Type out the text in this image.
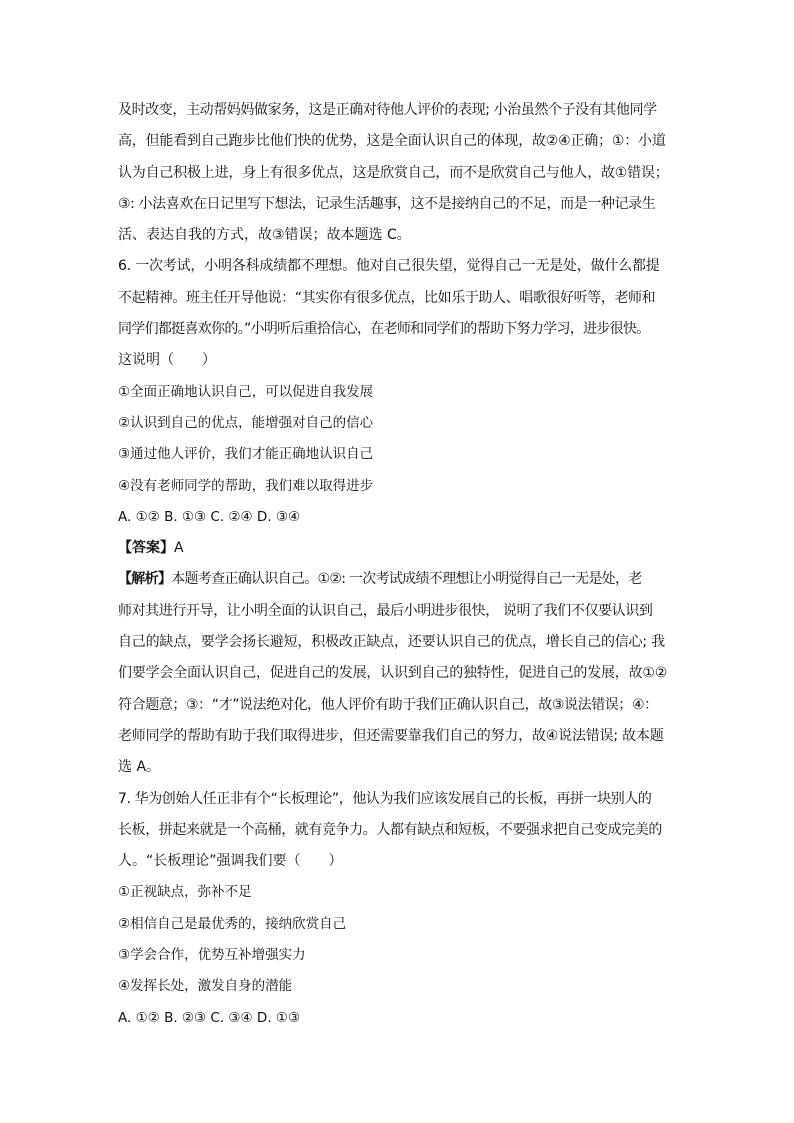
及时改变，主动帮妈妈做家务，这是正确对待他人评价的表现; 小治虽然个子没有其他同学
高，但能看到自己跑步比他们快的优势，这是全面认识自己的体现，故②④正确；①：小道
认为自己积极上进，身上有很多优点，这是欣赏自己，而不是欣赏自己与他人，故①错误；
③: 小法喜欢在日记里写下想法，记录生活趣事，这不是接纳自己的不足，而是一种记录生
活、表达自我的方式，故③错误；故本题选 C。
6. 一次考试，小明各科成绩都不理想。他对自己很失望，觉得自己一无是处，做什么都提
不起精神。班主任开导他说：“其实你有很多优点，比如乐于助人、唱歌很好听等，老师和
同学们都挺喜欢你的。”小明听后重拾信心，在老师和同学们的帮助下努力学习，进步很快。
这说明（　　）
①全面正确地认识自己，可以促进自我发展
②认识到自己的优点，能增强对自己的信心
③通过他人评价，我们才能正确地认识自己
④没有老师同学的帮助，我们难以取得进步
A. ①② B. ①③ C. ②④ D. ③④
【答案】A
【解析】本题考查正确认识自己。①②: 一次考试成绩不理想让小明觉得自己一无是处，老
师对其进行开导，让小明全面的认识自己，最后小明进步很快， 说明了我们不仅要认识到
自己的缺点，要学会扬长避短，积极改正缺点，还要认识自己的优点，增长自己的信心; 我
们要学会全面认识自己，促进自己的发展，认识到自己的独特性，促进自己的发展，故①②
符合题意；③：“才”说法绝对化，他人评价有助于我们正确认识自己，故③说法错误；④：
老师同学的帮助有助于我们取得进步，但还需要靠我们自己的努力，故④说法错误; 故本题
选 A。
7. 华为创始人任正非有个“长板理论”，他认为我们应该发展自己的长板，再拼一块别人的
长板，拼起来就是一个高桶，就有竞争力。人都有缺点和短板，不要强求把自己变成完美的
人。“长板理论”强调我们要（　　）
①正视缺点，弥补不足
②相信自己是最优秀的，接纳欣赏自己
③学会合作，优势互补增强实力
④发挥长处，激发自身的潜能
A. ①② B. ②③ C. ③④ D. ①③
